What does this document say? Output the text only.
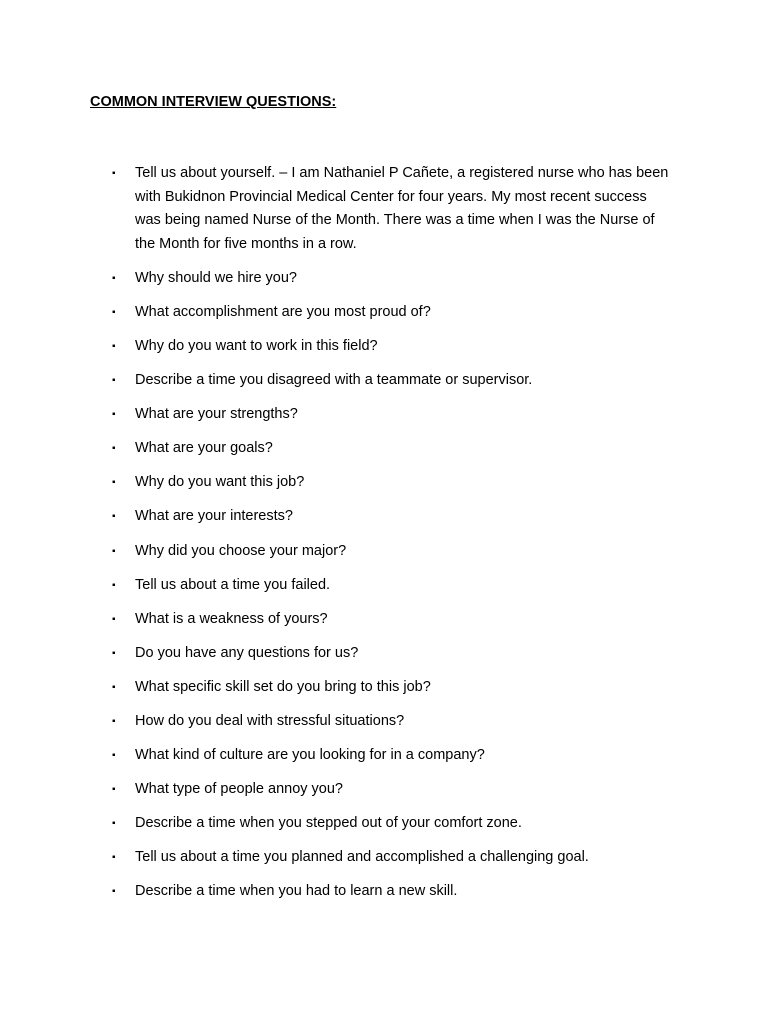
COMMON INTERVIEW QUESTIONS:
▪	Tell us about yourself. – I am Nathaniel P Cañete, a registered nurse who has been with Bukidnon Provincial Medical Center for four years. My most recent success was being named Nurse of the Month. There was a time when I was the Nurse of the Month for five months in a row.
▪	Why should we hire you?
▪	What accomplishment are you most proud of?
▪	Why do you want to work in this field?
▪	Describe a time you disagreed with a teammate or supervisor.
▪	What are your strengths?
▪	What are your goals?
▪	Why do you want this job?
▪	What are your interests?
▪	Why did you choose your major?
▪	Tell us about a time you failed.
▪	What is a weakness of yours?
▪	Do you have any questions for us?
▪	What specific skill set do you bring to this job?
▪	How do you deal with stressful situations?
▪	What kind of culture are you looking for in a company?
▪	What type of people annoy you?
▪	Describe a time when you stepped out of your comfort zone.
▪	Tell us about a time you planned and accomplished a challenging goal.
▪	Describe a time when you had to learn a new skill.
